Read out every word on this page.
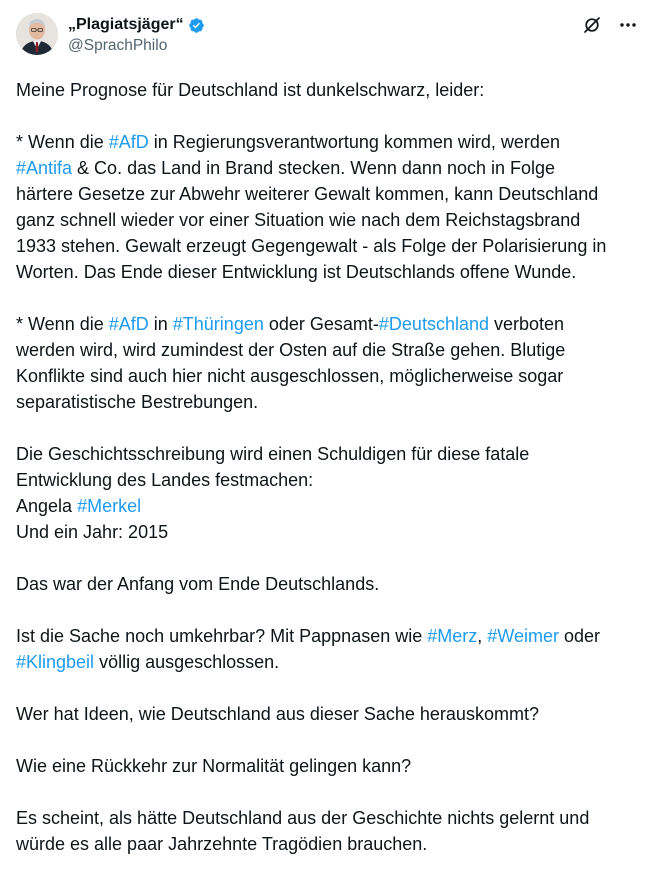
„Plagiatsjäger“
@SprachPhilo

Meine Prognose für Deutschland ist dunkelschwarz, leider:

* Wenn die #AfD in Regierungsverantwortung kommen wird, werden
#Antifa & Co. das Land in Brand stecken. Wenn dann noch in Folge
härtere Gesetze zur Abwehr weiterer Gewalt kommen, kann Deutschland
ganz schnell wieder vor einer Situation wie nach dem Reichstagsbrand
1933 stehen. Gewalt erzeugt Gegengewalt - als Folge der Polarisierung in
Worten. Das Ende dieser Entwicklung ist Deutschlands offene Wunde.

* Wenn die #AfD in #Thüringen oder Gesamt-#Deutschland verboten
werden wird, wird zumindest der Osten auf die Straße gehen. Blutige
Konflikte sind auch hier nicht ausgeschlossen, möglicherweise sogar
separatistische Bestrebungen.

Die Geschichtsschreibung wird einen Schuldigen für diese fatale
Entwicklung des Landes festmachen:
Angela #Merkel
Und ein Jahr: 2015

Das war der Anfang vom Ende Deutschlands.

Ist die Sache noch umkehrbar? Mit Pappnasen wie #Merz, #Weimer oder
#Klingbeil völlig ausgeschlossen.

Wer hat Ideen, wie Deutschland aus dieser Sache herauskommt?

Wie eine Rückkehr zur Normalität gelingen kann?

Es scheint, als hätte Deutschland aus der Geschichte nichts gelernt und
würde es alle paar Jahrzehnte Tragödien brauchen.
